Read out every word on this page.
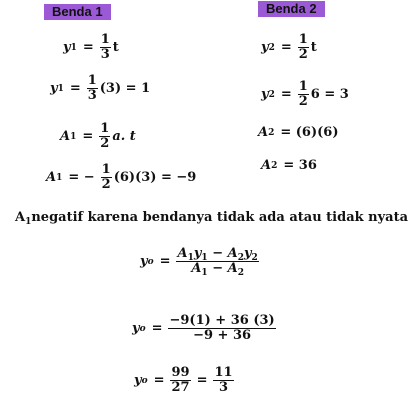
Benda 1	Benda 2
y $1 = \frac{1}{3}$ t
y $1 = \frac{1}{3} (3) = 1$
A $1 = \frac{1}{2} a$. t
A 1 = − $\frac{1}{2} (6)(3) = -9$
y $2 = \frac{1}{2}$ t
y $2 = \frac{1}{2} 6 = 3$
A 2 = (6)(6)
A 2 = 36
$A_1negatif$ karena bendanya tidak ada atau tidak nyata
y $o = \frac{A_1y_1 - A_2y_2}{A_1 - A_2}$
y $o = \frac{-9(1) + 36 (3)}{-9 + 36}$
y $o = \frac{99}{27} = \frac{11}{3}$
